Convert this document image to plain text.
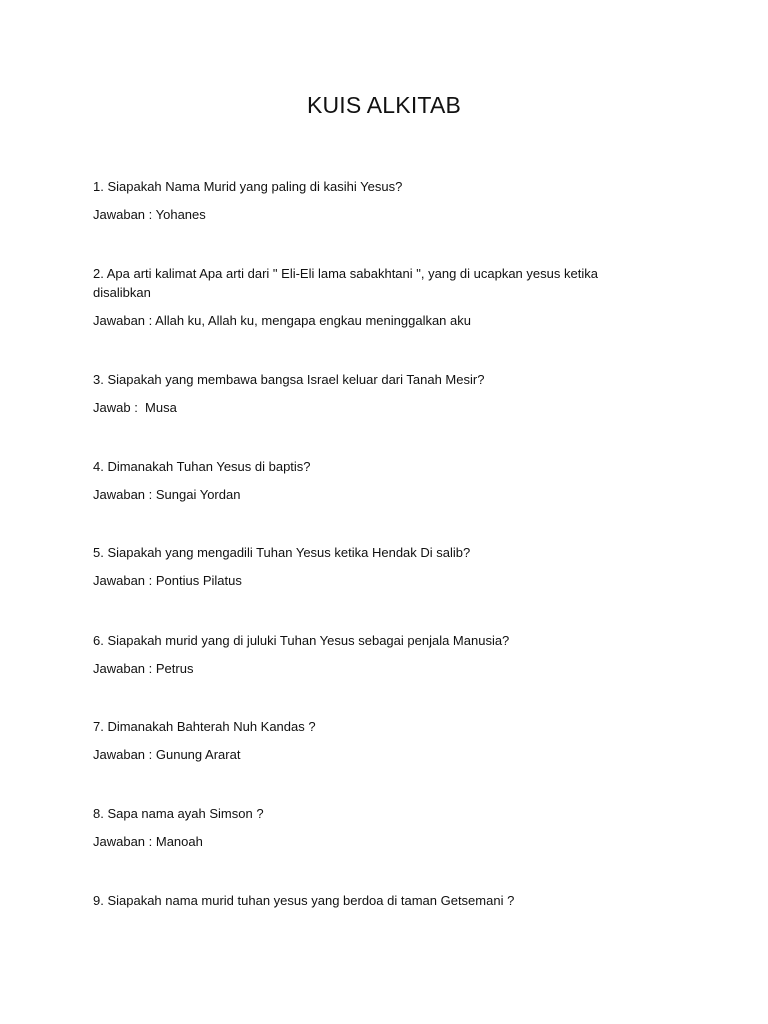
KUIS ALKITAB

1. Siapakah Nama Murid yang paling di kasihi Yesus?

Jawaban : Yohanes

2. Apa arti kalimat Apa arti dari " Eli-Eli lama sabakhtani ", yang di ucapkan yesus ketika disalibkan

Jawaban : Allah ku, Allah ku, mengapa engkau meninggalkan aku

3. Siapakah yang membawa bangsa Israel keluar dari Tanah Mesir?

Jawab :  Musa

4. Dimanakah Tuhan Yesus di baptis?

Jawaban : Sungai Yordan

5. Siapakah yang mengadili Tuhan Yesus ketika Hendak Di salib?

Jawaban : Pontius Pilatus

6. Siapakah murid yang di juluki Tuhan Yesus sebagai penjala Manusia?

Jawaban : Petrus

7. Dimanakah Bahterah Nuh Kandas ?

Jawaban : Gunung Ararat

8. Sapa nama ayah Simson ?

Jawaban : Manoah

9. Siapakah nama murid tuhan yesus yang berdoa di taman Getsemani ?
